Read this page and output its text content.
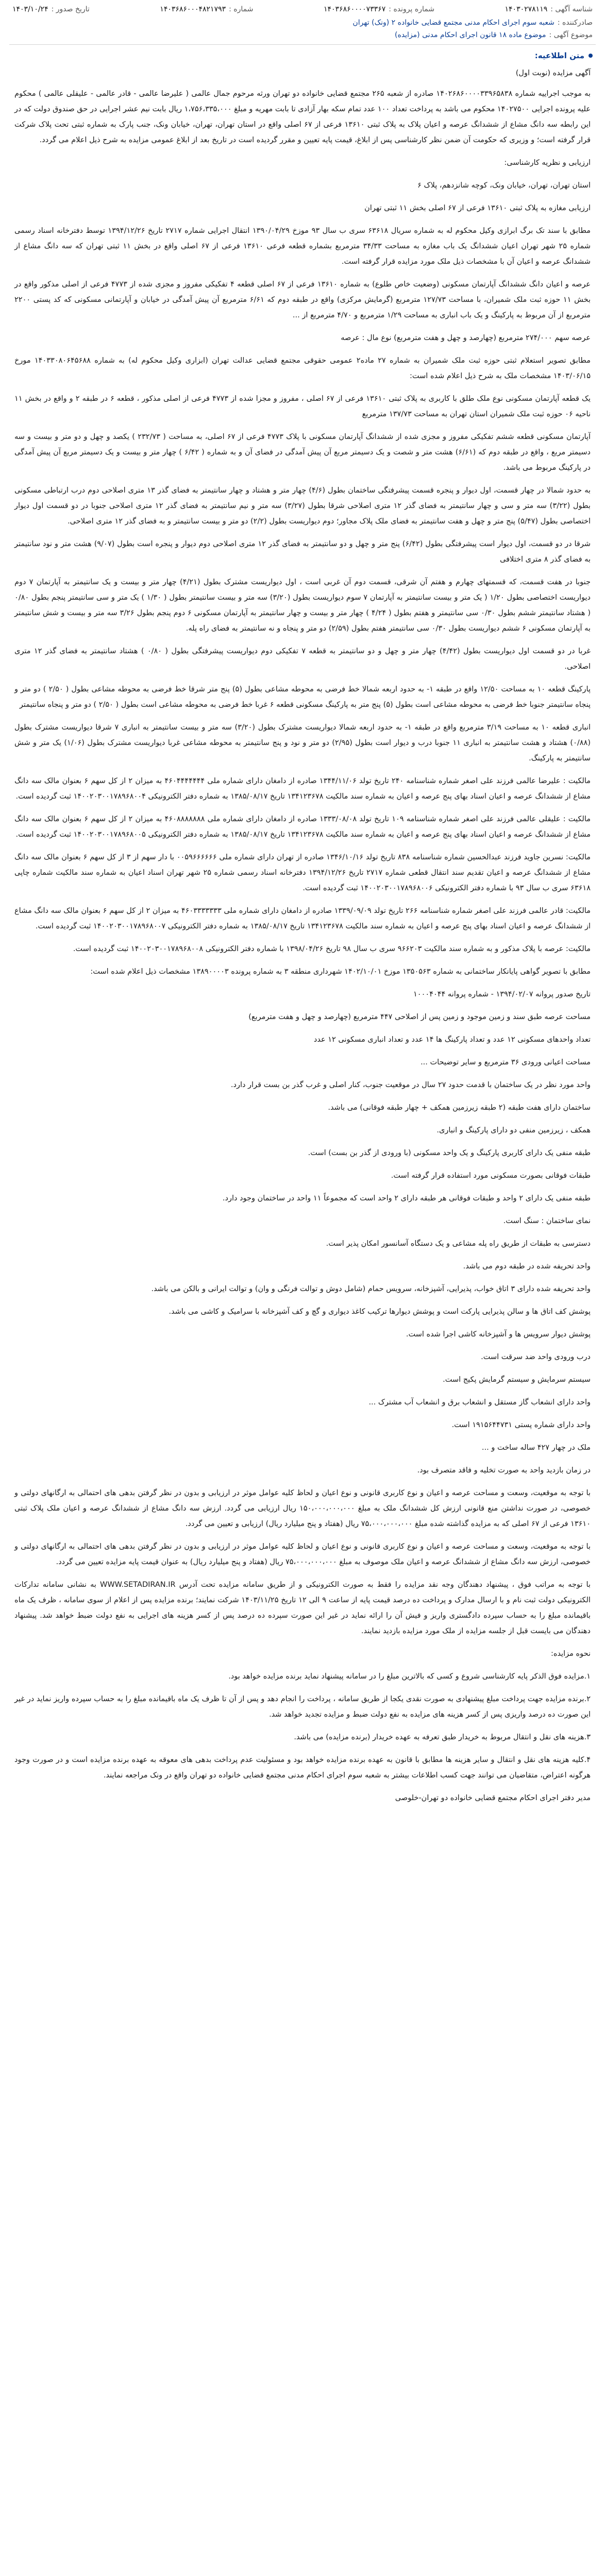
شناسه آگهی :
۱۴۰۳۰۲۷۸۱۱۹
شماره پرونده :
۱۴۰۳۶۸۶۰۰۰۰۷۳۳۶۷
شماره :
۱۴۰۳۶۸۶۰۰۰۴۸۲۱۷۹۳
تاریخ صدور :
۱۴۰۳/۱۰/۲۴
صادرکننده :
شعبه سوم اجرای احکام مدنی مجتمع قضایی خانواده ۲ (ونک) تهران
موضوع آگهی :
موضوع ماده ۱۸ قانون اجرای احکام مدنی (مزایده)
متن اطلاعیه:

آگهی مزایده (نوبت اول)

به موجب اجراییه شماره ۱۴۰۲۶۸۶۰۰۰۰۳۳۹۶۵۸۳۸ صادره از شعبه ۲۶۵ مجتمع قضایی خانواده دو تهران ورثه مرحوم جمال عالمی ( علیرضا عالمی - قادر عالمی - علیقلی عالمی ) محکوم علیه پرونده اجرایی ۱۴۰۲۷۵۰۰ محکوم می باشد به پرداخت تعداد ۱۰۰ عدد تمام سکه بهار آزادی تا بابت مهریه و مبلغ ۱،۷۵۶،۳۳۵،۰۰۰ ریال بابت نیم عشر اجرایی در حق صندوق دولت که در این رابطه سه دانگ مشاع از ششدانگ عرصه و اعیان پلاک به پلاک ثبتی ۱۳۶۱۰ فرعی از ۶۷ اصلی واقع در استان تهران، تهران، خیابان ونک، جنب پارک به شماره ثبتی تحت پلاک شرکت قرار گرفته است؛ و وزیری که حکومت آن ضمن نظر کارشناسی پس از ابلاغ، قیمت پایه تعیین و مقرر گردیده است در تاریخ بعد از ابلاغ عمومی مزایده به شرح ذیل اعلام می گردد.

ارزیابی و نظریه کارشناسی:

استان تهران، تهران، خیابان ونک، کوچه شانزدهم، پلاک ۶

ارزیابی مغازه به پلاک ثبتی ۱۳۶۱۰ فرعی از ۶۷ اصلی بخش ۱۱ ثبتی تهران

مطابق با سند تک برگ ابرازی وکیل محکوم له به شماره سریال ۶۳۶۱۸ سری ب سال ۹۳ موزخ ۱۳۹۰/۰۴/۲۹ انتقال اجرایی شماره ۲۷۱۷ تاریخ ۱۳۹۴/۱۲/۲۶ توسط دفترخانه اسناد رسمی شماره ۲۵ شهر تهران اعیان ششدانگ یک باب مغازه به مساحت ۳۴/۳۳ مترمربع بشماره قطعه فرعی ۱۳۶۱۰ فرعی از ۶۷ اصلی واقع در بخش ۱۱ ثبتی تهران که سه دانگ مشاع از ششدانگ عرصه و اعیان آن با مشخصات ذیل ملک مورد مزایده قرار گرفته است.

عرصه و اعیان دانگ ششدانگ آپارتمان مسکونی (وضعیت خاص طلوع) به شماره ۱۳۶۱۰ فرعی از ۶۷ اصلی قطعه ۴ تفکیکی مفروز و مجزی شده از ۴۷۷۳ فرعی از اصلی مذکور واقع در بخش ۱۱ حوزه ثبت ملک شمیران، با مساحت ۱۲۷/۷۳ مترمربع (گرمایش مرکزی) واقع در طبقه دوم که ۶/۶۱ مترمربع آن پیش آمدگی در خیابان و آپارتمانی مسکونی که کد پستی ۲۲۰۰ مترمربع از آن مربوط به پارکینگ و یک باب انباری به مساحت ۱/۲۹ مترمربع و ۴/۷۰ مترمربع از ...

عرصه سهم ۲۷۴/۰۰۰ مترمربع (چهارصد و چهل و هفت مترمربع) نوع مال : عرصه

مطابق تصویر استعلام ثبتی حوزه ثبت ملک شمیران به شماره ۲۷ ماده۲ عمومی حقوقی مجتمع قضایی عدالت تهران (ابزاری وکیل محکوم له) به شماره ۱۴۰۳۳۰۸۰۶۴۵۶۸۸ مورخ ۱۴۰۳/۰۶/۱۵ مشخصات ملک به شرح ذیل اعلام شده است:

یک قطعه آپارتمان مسکونی نوع ملک طلق با کاربری به پلاک ثبتی ۱۳۶۱۰ فرعی از ۶۷ اصلی ، مفروز و مجزا شده از ۴۷۷۳ فرعی از اصلی مذکور ، قطعه ۶ در طبقه ۲ و واقع در بخش ۱۱ ناحیه ۰۶ حوزه ثبت ملک شمیران استان تهران به مساحت ۱۳۷/۷۳ مترمربع

آپارتمان مسکونی قطعه ششم تفکیکی مفروز و مجزی شده از ششدانگ آپارتمان مسکونی با پلاک ۴۷۷۳ فرعی از ۶۷ اصلی، به مساحت ( ۲۳۲/۷۳ ) یکصد و چهل و دو متر و بیست و سه دسیمتر مربع ، واقع در طبقه دوم که (۶/۶۱) هشت متر و شصت و یک دسیمتر مربع آن پیش آمدگی در فضای آن و به شماره ( ۶/۴۲ ) چهار متر و بیست و یک دسیمتر مربع آن پیش آمدگی در پارکینگ مربوط می باشد.

به حدود شمالا در چهار قسمت، اول دیوار و پنجره قسمت پیشرفتگی ساختمان بطول (۴/۶) چهار متر و هشتاد و چهار سانتیمتر به فضای گذر ۱۳ متری اصلاحی دوم درب ارتباطی مسکونی بطول (۳/۲۲) سه متر و سی و چهار سانتیمتر به فضای گذر ۱۲ متری اصلاحی شرقا بطول (۳/۲۷) سه متر و نیم سانتیمتر به فضای گذر ۱۲ متری اصلاحی جنوبا در دو قسمت اول دیوار اختصاصی بطول (۵/۴۷) پنج متر و چهل و هفت سانتیمتر به فضای ملک پلاک مجاور؛ دوم دیواریست بطول (۲/۲) دو متر و بیست سانتیمتر و به فضای گذر ۱۲ متری اصلاحی.

شرقا در دو قسمت، اول دیوار است پیشرفتگی بطول (۶/۴۲) پنج متر و چهل و دو سانتیمتر به فضای گذر ۱۲ متری اصلاحی دوم دیوار و پنجره است بطول (۹/۰۷) هشت متر و نود سانتیمتر به فضای گذر ۸ متری اختلافی

جنوبا در هفت قسمت، که قسمتهای چهارم و هفتم آن شرقی، قسمت دوم آن غربی است ، اول دیواریست مشترک بطول (۴/۲۱) چهار متر و بیست و یک سانتیمتر به آپارتمان ۷ دوم دیواریست اختصاصی بطول ۱/۲۰ ( یک متر و بیست سانتیمتر به آپارتمان ۷ سوم دیواریست بطول (۳/۲۰) سه متر و بیست سانتیمتر بطول ( ۱/۳۰ ) یک متر و سی سانتیمتر پنجم بطول ۰/۸۰ ( هشتاد سانتیمتر ششم بطول ۰/۳۰ سی سانتیمتر و هفتم بطول ( ۴/۲۴ ) چهار متر و بیست و چهار سانتیمتر به آپارتمان مسکونی ۶ دوم پنجم بطول ۳/۲۶ سه متر و بیست و شش سانتیمتر به آپارتمان مسکونی ۶ ششم دیواریست بطول ۰/۳۰ سی سانتیمتر هفتم بطول (۲/۵۹) دو متر و پنجاه و نه سانتیمتر به فضای راه پله.

غربا در دو قسمت اول دیواریست بطول (۴/۴۲) چهار متر و چهل و دو سانتیمتر به قطعه ۷ تفکیکی دوم دیواریست پیشرفتگی بطول ( ۰/۸۰ ) هشتاد سانتیمتر به فضای گذر ۱۲ متری اصلاحی.

پارکینگ قطعه ۱۰ به مساحت ۱۲/۵۰ واقع در طبقه ۱- به حدود اربعه شمالا خط فرضی به محوطه مشاعی بطول (۵) پنج متر شرقا خط فرضی به محوطه مشاعی بطول ( ۲/۵۰ ) دو متر و پنجاه سانتیمتر جنوبا خط فرضی به محوطه مشاعی است بطول (۵) پنج متر به پارکینگ مسکونی قطعه ۶ غربا خط فرضی به محوطه مشاعی است بطول ( ۲/۵۰ ) دو متر و پنجاه سانتیمتر

انباری قطعه ۱۰ به مساحت ۳/۱۹ مترمربع واقع در طبقه ۱- به حدود اربعه شمالا دیواریست مشترک بطول (۳/۲۰) سه متر و بیست سانتیمتر به انباری ۷ شرقا دیواریست مشترک بطول (۰/۸۸) هشتاد و هشت سانتیمتر به انباری ۱۱ جنوبا درب و دیوار است بطول (۲/۹۵) دو متر و نود و پنج سانتیمتر به محوطه مشاعی غربا دیواریست مشترک بطول (۱/۰۶) یک متر و شش سانتیمتر به پارکینگ.

مالکیت : علیرضا عالمی فرزند علی اصغر شماره شناسنامه ۲۴۰ تاریخ تولد ۱۳۴۴/۱۱/۰۶ صادره از دامغان دارای شماره ملی ۴۶۰۴۴۴۴۴۴۴ به میزان ۲ از کل سهم ۶ بعنوان مالک سه دانگ مشاع از ششدانگ عرصه و اعیان اسناد بهای پنج عرصه و اعیان به شماره سند مالکیت ۱۳۴۱۲۳۶۷۸ تاریخ ۱۳۸۵/۰۸/۱۷ به شماره دفتر الکترونیکی ۱۴۰۰۲۰۳۰۰۱۷۸۹۶۸۰۰۴ ثبت گردیده است.

مالکیت : علیقلی عالمی فرزند علی اصغر شماره شناسنامه ۱۰۹ تاریخ تولد ۱۳۳۳/۰۸/۰۸ صادره از دامغان دارای شماره ملی ۴۶۰۸۸۸۸۸۸۸ به میزان ۲ از کل سهم ۶ بعنوان مالک سه دانگ مشاع از ششدانگ عرصه و اعیان اسناد بهای پنج عرصه و اعیان به شماره سند مالکیت ۱۳۴۱۲۳۶۷۸ تاریخ ۱۳۸۵/۰۸/۱۷ به شماره دفتر الکترونیکی ۱۴۰۰۲۰۳۰۰۱۷۸۹۶۸۰۰۵ ثبت گردیده است.

مالکیت: نسرین جاوید فرزند عبدالحسین شماره شناسنامه ۸۳۸ تاریخ تولد ۱۳۴۶/۱۰/۱۶ صادره از تهران دارای شماره ملی ۰۰۵۹۶۶۶۶۶۶ با دار سهم از ۳ از کل سهم ۶ بعنوان مالک سه دانگ مشاع از ششدانگ عرصه و اعیان تقدیم سند انتقال قطعی شماره ۲۷۱۷ تاریخ ۱۳۹۴/۱۲/۲۶ دفترخانه اسناد رسمی شماره ۲۵ شهر تهران اسناد اعیان به شماره سند مالکیت شماره چاپی ۶۳۶۱۸ سری ب سال ۹۳ با شماره دفتر الکترونیکی ۱۴۰۰۲۰۳۰۰۱۷۸۹۶۸۰۰۶ ثبت گردیده است.

مالکیت: قادر عالمی فرزند علی اصغر شماره شناسنامه ۲۶۶ تاریخ تولد ۱۳۳۹/۰۹/۰۹ صادره از دامغان دارای شماره ملی ۴۶۰۳۳۳۳۳۳۳ به میزان ۲ از کل سهم ۶ بعنوان مالک سه دانگ مشاع از ششدانگ عرصه و اعیان اسناد بهای پنج عرصه و اعیان به شماره سند مالکیت ۱۳۴۱۲۳۶۷۸ تاریخ ۱۳۸۵/۰۸/۱۷ به شماره دفتر الکترونیکی ۱۴۰۰۲۰۳۰۰۱۷۸۹۶۸۰۰۷ ثبت گردیده است.

مالکیت: عرصه با پلاک مذکور و به شماره سند مالکیت ۹۶۶۲۰۳ سری ب سال ۹۸ تاریخ ۱۳۹۸/۰۴/۲۶ با شماره دفتر الکترونیکی ۱۴۰۰۲۰۳۰۰۱۷۸۹۶۸۰۰۸ ثبت گردیده است.

مطابق با تصویر گواهی پایانکار ساختمانی به شماره ۱۳۵۰۵۶۳ موزخ ۱۴۰۲/۱۰/۰۱ شهرداری منطقه ۳ به شماره پرونده ۱۳۸۹۰۰۰۰۳ مشخصات ذیل اعلام شده است:

تاریخ صدور پروانه ۱۳۹۴/۰۲/۰۷ - شماره پروانه ۱۰۰۰۴۰۴۴

مساحت عرصه طبق سند و زمین موجود و زمین پس از اصلاحی ۴۴۷ مترمربع (چهارصد و چهل و هفت مترمربع)

تعداد واحدهای مسکونی ۱۲ عدد و تعداد پارکینگ ها ۱۴ عدد و تعداد انباری مسکونی ۱۲ عدد

مساحت اعیانی ورودی ۳۶ مترمربع و سایر توضیحات ...

واحد مورد نظر در یک ساختمان با قدمت حدود ۲۷ سال در موقعیت جنوب، کنار اصلی و غرب گذر بن بست قرار دارد.

ساختمان دارای هفت طبقه (۲ طبقه زیرزمین همکف + چهار طبقه فوقانی) می باشد.

همکف ، زیرزمین منفی دو دارای پارکینگ و انباری.

طبقه منفی یک دارای کاربری پارکینگ و یک واحد مسکونی (با ورودی از گذر بن بست) است.

طبقات فوقانی بصورت مسکونی مورد استفاده قرار گرفته است.

طبقه منفی یک دارای ۲ واحد و طبقات فوقانی هر طبقه دارای ۲ واحد است که مجموعاً ۱۱ واحد در ساختمان وجود دارد.

نمای ساختمان : سنگ است.

دسترسی به طبقات از طریق راه پله مشاعی و یک دستگاه آسانسور امکان پذیر است.

واحد تحریفه شده در طبقه دوم می باشد.

واحد تحریفه شده دارای ۳ اتاق خواب، پذیرایی، آشپزخانه، سرویس حمام (شامل دوش و توالت فرنگی و وان) و توالت ایرانی و بالکن می باشد.

پوشش کف اتاق ها و سالن پذیرایی پارکت است و پوشش دیوارها ترکیب کاغذ دیواری و گچ و کف آشپزخانه با سرامیک و کاشی می باشد.

پوشش دیوار سرویس ها و آشپزخانه کاشی اجرا شده است.

درب ورودی واحد ضد سرقت است.

سیستم سرمایش و سیستم گرمایش پکیج است.

واحد دارای انشعاب گاز مستقل و انشعاب برق و انشعاب آب مشترک ...

واحد دارای شماره پستی ۱۹۱۵۶۴۴۷۳۱ است.

ملک در چهار ۴۲۷ ساله ساخت و ...

در زمان بازدید واحد به صورت تخلیه و فاقد متصرف بود.

با توجه به موقعیت، وسعت و مساحت عرصه و اعیان و نوع کاربری قانونی و نوع اعیان و لحاظ کلیه عوامل موثر در ارزیابی و بدون در نظر گرفتن بدهی های احتمالی به ارگانهای دولتی و خصوصی، در صورت نداشتن منع قانونی ارزش کل ششدانگ ملک به مبلغ ۱۵۰،۰۰۰،۰۰۰،۰۰۰ ریال ارزیابی می گردد. ارزش سه دانگ مشاع از ششدانگ عرصه و اعیان ملک پلاک ثبتی ۱۳۶۱۰ فرعی از ۶۷ اصلی که به مزایده گذاشته شده مبلغ ۷۵،۰۰۰،۰۰۰،۰۰۰ ریال (هفتاد و پنج میلیارد ریال) ارزیابی و تعیین می گردد.

با توجه به موقعیت، وسعت و مساحت عرصه و اعیان و نوع کاربری قانونی و نوع اعیان و لحاظ کلیه عوامل موثر در ارزیابی و بدون در نظر گرفتن بدهی های احتمالی به ارگانهای دولتی و خصوصی، ارزش سه دانگ مشاع از ششدانگ عرصه و اعیان ملک موصوف به مبلغ ۷۵،۰۰۰،۰۰۰،۰۰۰ ریال (هفتاد و پنج میلیارد ریال) به عنوان قیمت پایه مزایده تعیین می گردد.

با توجه به مراتب فوق ، پیشنهاد دهندگان وجه نقد مزایده را فقط به صورت الکترونیکی و از طریق سامانه مزایده تحت آدرس WWW.SETADIRAN.IR به نشانی سامانه تدارکات الکترونیکی دولت ثبت نام و با ارسال مدارک و پرداخت ده درصد قیمت پایه از ساعت ۹ الی ۱۲ تاریخ ۱۴۰۳/۱۱/۲۵ شرکت نمایند؛ برنده مزایده پس از اعلام از سوی سامانه ، ظرف یک ماه باقیمانده مبلغ را به حساب سپرده دادگستری واریز و فیش آن را ارائه نماید در غیر این صورت سپرده ده درصد پس از کسر هزینه های اجرایی به نفع دولت ضبط خواهد شد. پیشنهاد دهندگان می بایست قبل از جلسه مزایده از ملک مورد مزایده بازدید نمایند.

نحوه مزایده:

۱.مزایده فوق الذکر پایه کارشناسی شروع و کسی که بالاترین مبلغ را در سامانه پیشنهاد نماید برنده مزایده خواهد بود.

۲.برنده مزایده جهت پرداخت مبلغ پیشنهادی به صورت نقدی یکجا از طریق سامانه ، پرداخت را انجام دهد و پس از آن تا ظرف یک ماه باقیمانده مبلغ را به حساب سپرده واریز نماید در غیر این صورت ده درصد واریزی پس از کسر هزینه های مزایده به نفع دولت ضبط و مزایده تجدید خواهد شد.

۳.هزینه های نقل و انتقال مربوط به خریدار طبق تعرفه به عهده خریدار (برنده مزایده) می باشد.

۴.کلیه هزینه های نقل و انتقال و سایر هزینه ها مطابق با قانون به عهده برنده مزایده خواهد بود و مسئولیت عدم پرداخت بدهی های معوقه به عهده برنده مزایده است و در صورت وجود هرگونه اعتراض، متقاضیان می توانند جهت کسب اطلاعات بیشتر به شعبه سوم اجرای احکام مدنی مجتمع قضایی خانواده دو تهران واقع در ونک مراجعه نمایند.

مدیر دفتر اجرای احکام مجتمع قضایی خانواده دو تهران-خلوصی
